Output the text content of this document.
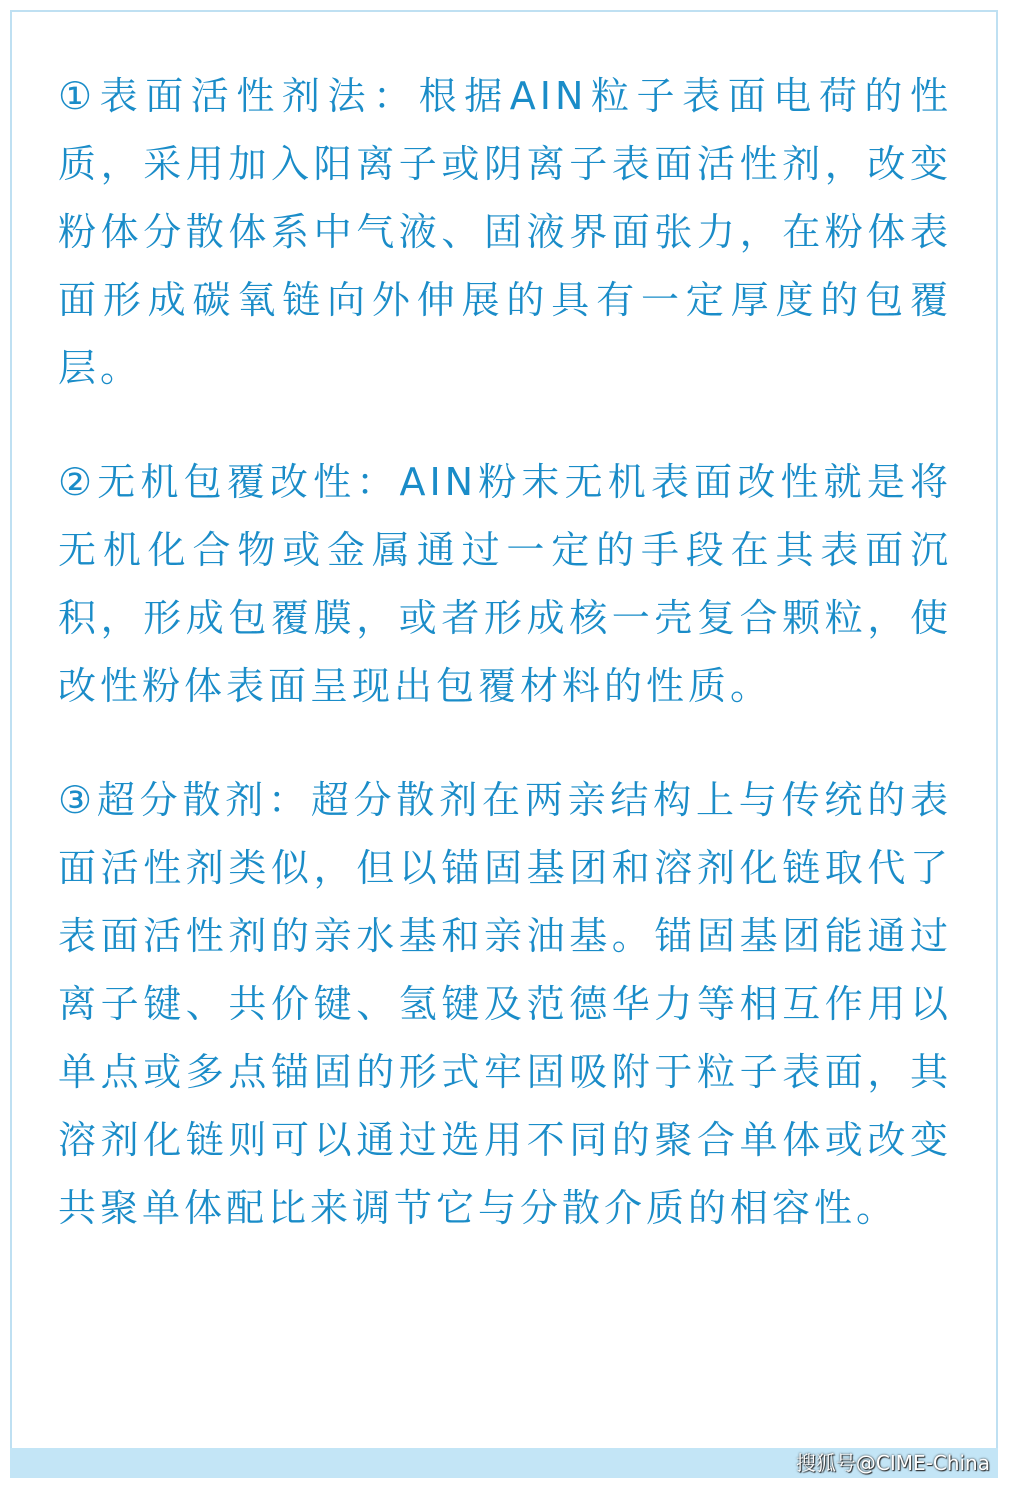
①表面活性剂法：根据AIN粒子表面电荷的性质，采用加入阳离子或阴离子表面活性剂，改变粉体分散体系中气液、固液界面张力，在粉体表面形成碳氧链向外伸展的具有一定厚度的包覆层。

②无机包覆改性：AIN粉末无机表面改性就是将无机化合物或金属通过一定的手段在其表面沉积，形成包覆膜，或者形成核一壳复合颗粒，使改性粉体表面呈现出包覆材料的性质。

③超分散剂：超分散剂在两亲结构上与传统的表面活性剂类似，但以锚固基团和溶剂化链取代了表面活性剂的亲水基和亲油基。锚固基团能通过离子键、共价键、氢键及范德华力等相互作用以单点或多点锚固的形式牢固吸附于粒子表面，其溶剂化链则可以通过选用不同的聚合单体或改变共聚单体配比来调节它与分散介质的相容性。

搜狐号@CIME-China
